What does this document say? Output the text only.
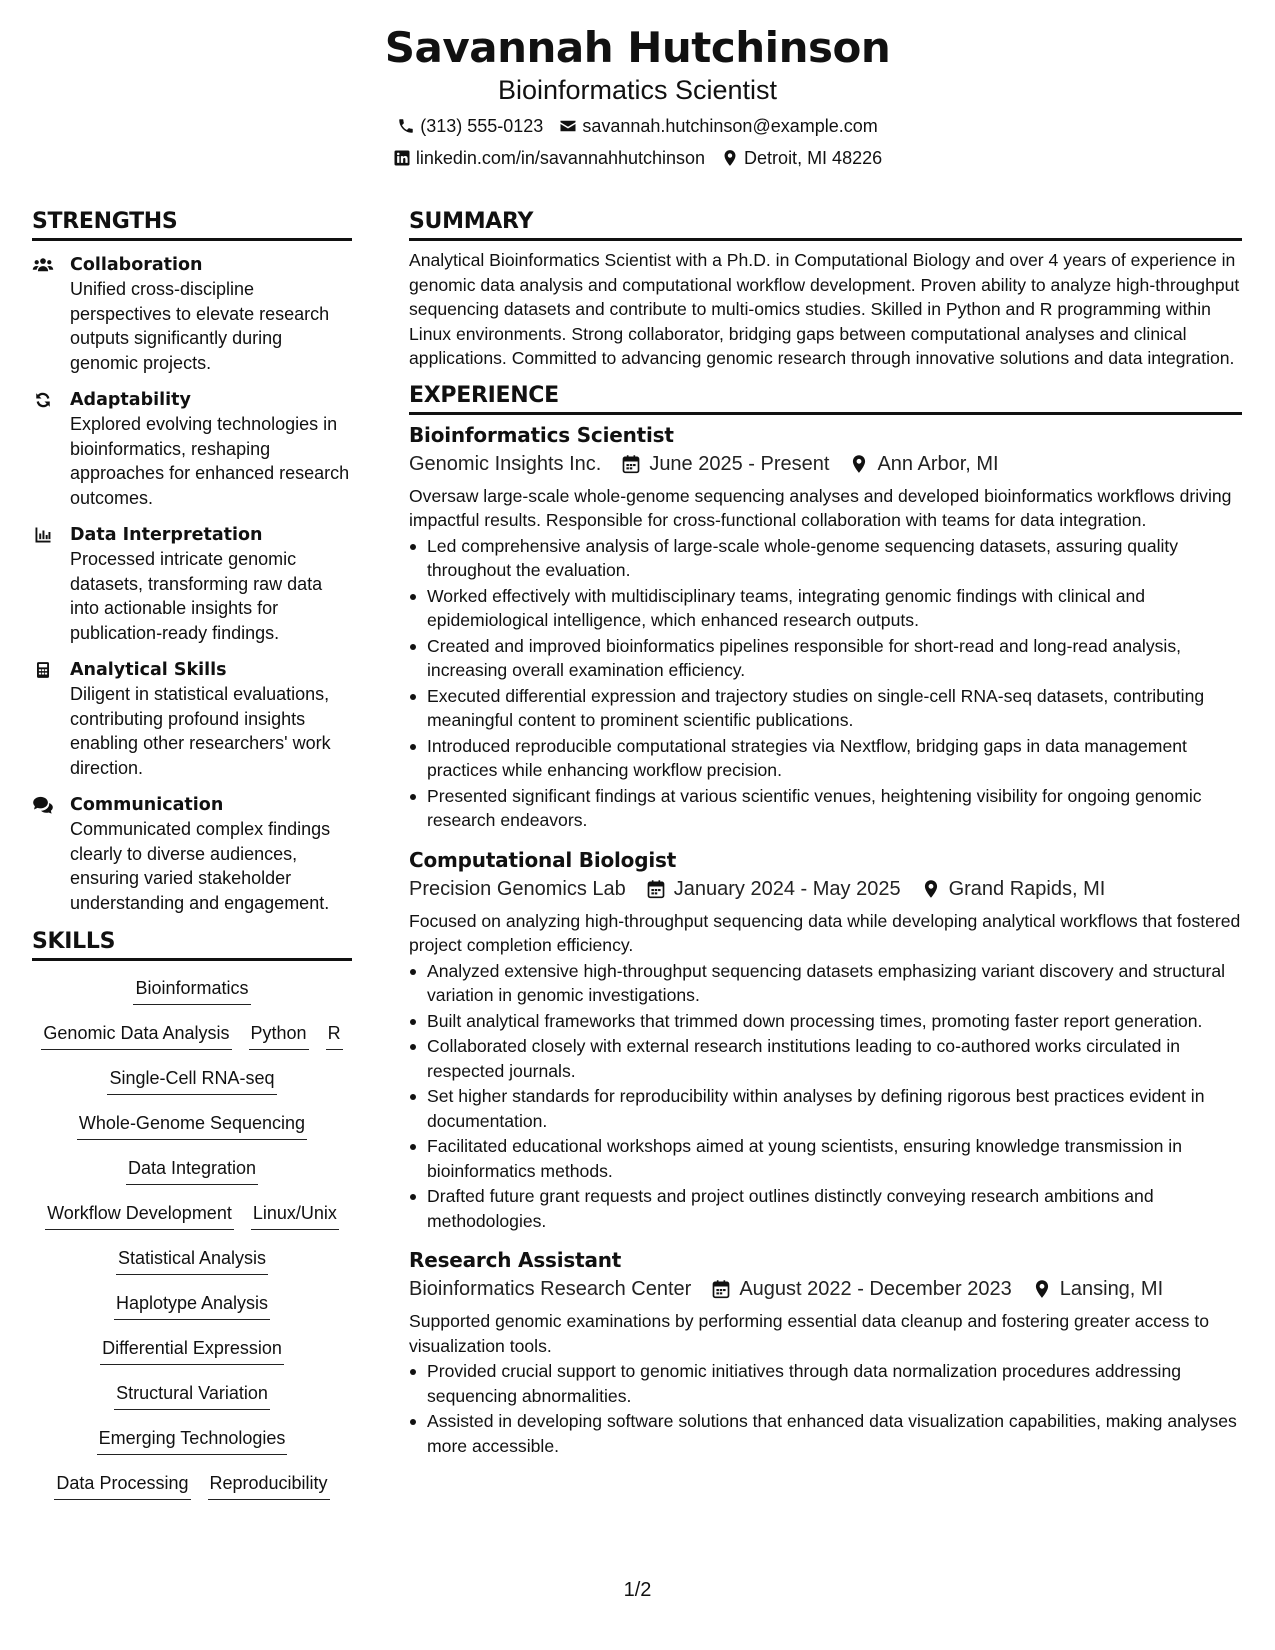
Savannah Hutchinson
Bioinformatics Scientist
(313) 555-0123 savannah.hutchinson@example.com
linkedin.com/in/savannahhutchinson Detroit, MI 48226
STRENGTHS
Collaboration
Unified cross-discipline perspectives to elevate research outputs significantly during genomic projects.
Adaptability
Explored evolving technologies in bioinformatics, reshaping approaches for enhanced research outcomes.
Data Interpretation
Processed intricate genomic datasets, transforming raw data into actionable insights for publication-ready findings.
Analytical Skills
Diligent in statistical evaluations, contributing profound insights enabling other researchers' work direction.
Communication
Communicated complex findings clearly to diverse audiences, ensuring varied stakeholder understanding and engagement.
SKILLS
Bioinformatics
Genomic Data Analysis Python R
Single-Cell RNA-seq
Whole-Genome Sequencing
Data Integration
Workflow Development Linux/Unix
Statistical Analysis
Haplotype Analysis
Differential Expression
Structural Variation
Emerging Technologies
Data Processing Reproducibility
SUMMARY
Analytical Bioinformatics Scientist with a Ph.D. in Computational Biology and over 4 years of experience in genomic data analysis and computational workflow development. Proven ability to analyze high-throughput sequencing datasets and contribute to multi-omics studies. Skilled in Python and R programming within Linux environments. Strong collaborator, bridging gaps between computational analyses and clinical applications. Committed to advancing genomic research through innovative solutions and data integration.
EXPERIENCE
Bioinformatics Scientist
Genomic Insights Inc. June 2025 - Present Ann Arbor, MI
Oversaw large-scale whole-genome sequencing analyses and developed bioinformatics workflows driving impactful results. Responsible for cross-functional collaboration with teams for data integration.
Led comprehensive analysis of large-scale whole-genome sequencing datasets, assuring quality throughout the evaluation.
Worked effectively with multidisciplinary teams, integrating genomic findings with clinical and epidemiological intelligence, which enhanced research outputs.
Created and improved bioinformatics pipelines responsible for short-read and long-read analysis, increasing overall examination efficiency.
Executed differential expression and trajectory studies on single-cell RNA-seq datasets, contributing meaningful content to prominent scientific publications.
Introduced reproducible computational strategies via Nextflow, bridging gaps in data management practices while enhancing workflow precision.
Presented significant findings at various scientific venues, heightening visibility for ongoing genomic research endeavors.
Computational Biologist
Precision Genomics Lab January 2024 - May 2025 Grand Rapids, MI
Focused on analyzing high-throughput sequencing data while developing analytical workflows that fostered project completion efficiency.
Analyzed extensive high-throughput sequencing datasets emphasizing variant discovery and structural variation in genomic investigations.
Built analytical frameworks that trimmed down processing times, promoting faster report generation.
Collaborated closely with external research institutions leading to co-authored works circulated in respected journals.
Set higher standards for reproducibility within analyses by defining rigorous best practices evident in documentation.
Facilitated educational workshops aimed at young scientists, ensuring knowledge transmission in bioinformatics methods.
Drafted future grant requests and project outlines distinctly conveying research ambitions and methodologies.
Research Assistant
Bioinformatics Research Center August 2022 - December 2023 Lansing, MI
Supported genomic examinations by performing essential data cleanup and fostering greater access to visualization tools.
Provided crucial support to genomic initiatives through data normalization procedures addressing sequencing abnormalities.
Assisted in developing software solutions that enhanced data visualization capabilities, making analyses more accessible.
1/2
